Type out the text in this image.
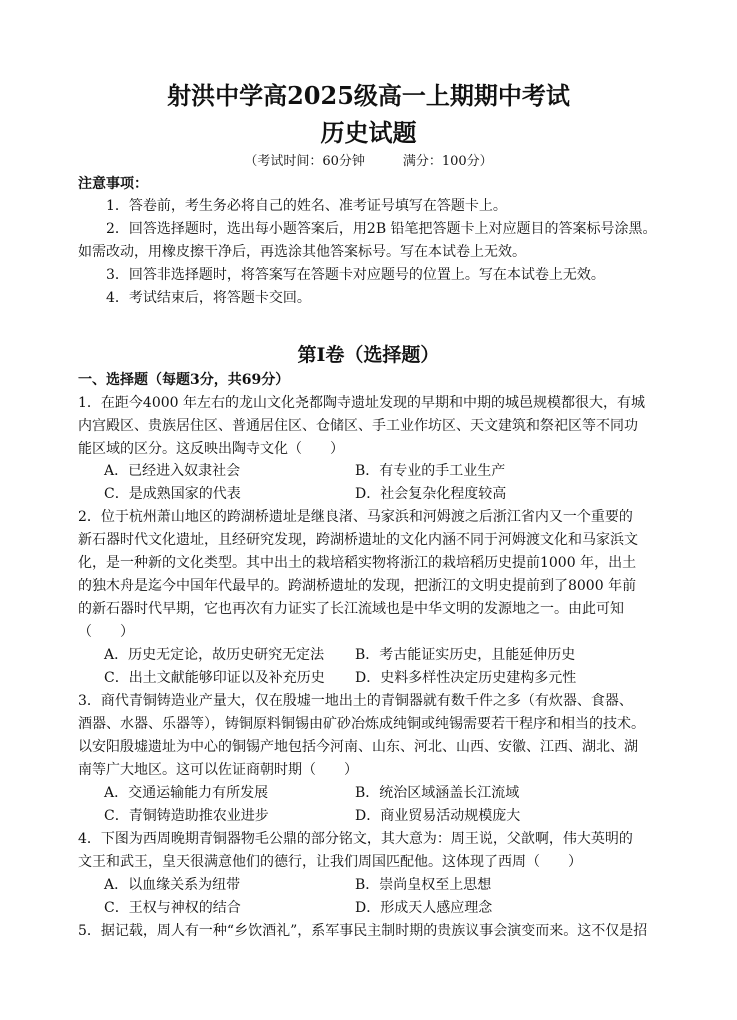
射洪中学高2025级高一上期期中考试
历史试题
（考试时间：60分钟	满分：100分）
注意事项：
1．答卷前，考生务必将自己的姓名、准考证号填写在答题卡上。
2．回答选择题时，选出每小题答案后，用2B 铅笔把答题卡上对应题目的答案标号涂黑。
如需改动，用橡皮擦干净后，再选涂其他答案标号。写在本试卷上无效。
3．回答非选择题时，将答案写在答题卡对应题号的位置上。写在本试卷上无效。
4．考试结束后，将答题卡交回。
第Ⅰ卷（选择题）
一、选择题（每题3分，共69分）
1．在距今4000 年左右的龙山文化尧都陶寺遗址发现的早期和中期的城邑规模都很大，有城
内宫殿区、贵族居住区、普通居住区、仓储区、手工业作坊区、天文建筑和祭祀区等不同功
能区域的区分。这反映出陶寺文化（　　）
A．已经进入奴隶社会	B．有专业的手工业生产
C．是成熟国家的代表	D．社会复杂化程度较高
2．位于杭州萧山地区的跨湖桥遗址是继良渚、马家浜和河姆渡之后浙江省内又一个重要的
新石器时代文化遗址，且经研究发现，跨湖桥遗址的文化内涵不同于河姆渡文化和马家浜文
化，是一种新的文化类型。其中出土的栽培稻实物将浙江的栽培稻历史提前1000 年，出土
的独木舟是迄今中国年代最早的。跨湖桥遗址的发现，把浙江的文明史提前到了8000 年前
的新石器时代早期，它也再次有力证实了长江流域也是中华文明的发源地之一。由此可知
（　　）
A．历史无定论，故历史研究无定法 B．考古能证实历史，且能延伸历史
C．出土文献能够印证以及补充历史 D．史料多样性决定历史建构多元性
3．商代青铜铸造业产量大，仅在殷墟一地出土的青铜器就有数千件之多（有炊器、食器、
酒器、水器、乐器等），铸铜原料铜锡由矿砂冶炼成纯铜或纯锡需要若干程序和相当的技术。
以安阳殷墟遗址为中心的铜锡产地包括今河南、山东、河北、山西、安徽、江西、湖北、湖
南等广大地区。这可以佐证商朝时期（　　）
A．交通运输能力有所发展	B．统治区域涵盖长江流域
C．青铜铸造助推农业进步	D．商业贸易活动规模庞大
4．下图为西周晚期青铜器物毛公鼎的部分铭文，其大意为：周王说，父歆啊，伟大英明的
文王和武王，皇天很满意他们的德行，让我们周国匹配他。这体现了西周（　　）
A．以血缘关系为纽带	B．崇尚皇权至上思想
C．王权与神权的结合	D．形成天人感应理念
5．据记载，周人有一种“乡饮酒礼”，系军事民主制时期的贵族议事会演变而来。这不仅是招
